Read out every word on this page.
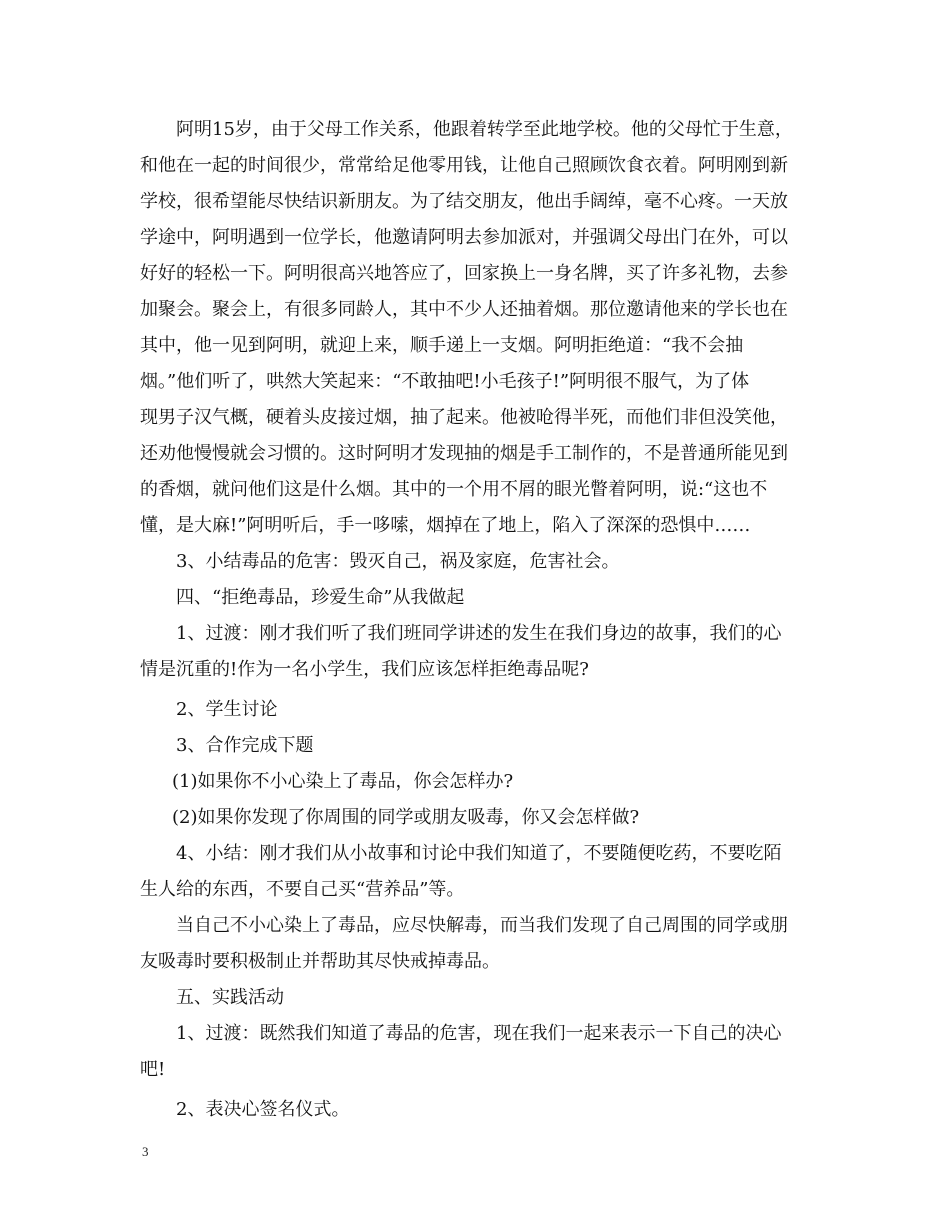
阿明15岁，由于父母工作关系，他跟着转学至此地学校。他的父母忙于生意，
和他在一起的时间很少，常常给足他零用钱，让他自己照顾饮食衣着。阿明刚到新
学校，很希望能尽快结识新朋友。为了结交朋友，他出手阔绰，毫不心疼。一天放
学途中，阿明遇到一位学长，他邀请阿明去参加派对，并强调父母出门在外，可以
好好的轻松一下。阿明很高兴地答应了，回家换上一身名牌，买了许多礼物，去参
加聚会。聚会上，有很多同龄人，其中不少人还抽着烟。那位邀请他来的学长也在
其中，他一见到阿明，就迎上来，顺手递上一支烟。阿明拒绝道：“我不会抽
烟。”他们听了，哄然大笑起来：“不敢抽吧!小毛孩子!”阿明很不服气，为了体
现男子汉气概，硬着头皮接过烟，抽了起来。他被呛得半死，而他们非但没笑他，
还劝他慢慢就会习惯的。这时阿明才发现抽的烟是手工制作的，不是普通所能见到
的香烟，就问他们这是什么烟。其中的一个用不屑的眼光瞥着阿明，说:“这也不
懂，是大麻!”阿明听后，手一哆嗦，烟掉在了地上，陷入了深深的恐惧中……
3、小结毒品的危害：毁灭自己，祸及家庭，危害社会。
四、“拒绝毒品，珍爱生命”从我做起
1、过渡：刚才我们听了我们班同学讲述的发生在我们身边的故事，我们的心
情是沉重的!作为一名小学生，我们应该怎样拒绝毒品呢?
2、学生讨论
3、合作完成下题
(1)如果你不小心染上了毒品，你会怎样办?
(2)如果你发现了你周围的同学或朋友吸毒，你又会怎样做?
4、小结：刚才我们从小故事和讨论中我们知道了，不要随便吃药，不要吃陌
生人给的东西，不要自己买“营养品”等。
当自己不小心染上了毒品，应尽快解毒，而当我们发现了自己周围的同学或朋
友吸毒时要积极制止并帮助其尽快戒掉毒品。
五、实践活动
1、过渡：既然我们知道了毒品的危害，现在我们一起来表示一下自己的决心
吧!
2、表决心签名仪式。
3
